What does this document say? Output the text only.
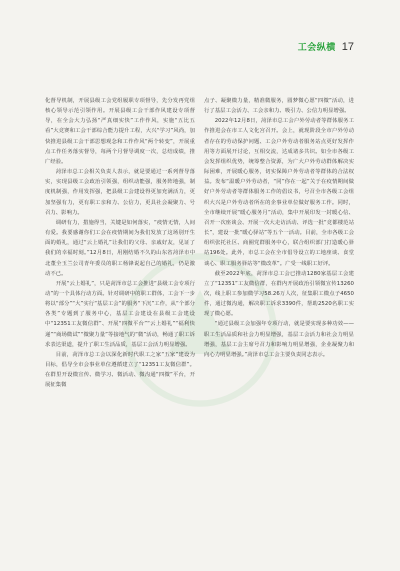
工会纵横 17

化督导机制，开展县级工会党组履职专项督导，先分发再党组核心领导示范引领作用。开展县级工会干部作风建设专项督导，在全会大力弘扬“严真细实快”工作作风，实施“五比五看”大竞赛和工会干部综合能力提升工程，大兴“学习”风尚，加快推进县级工会干部思想观念和工作作风“两个转变”，开展重点工作任务落实督导，每两个月督导调度一次，总结成绩，推广经验。

菏泽市总工会相关负责人表示，就是要通过一系列督导落实，实现县级工会政治引领强，组织动能强，服务阵地强，制度机制强，作用发挥强，把县级工会建设得更加充满活力，更加坚强有力，更有职工亲和力、公信力，更具社会凝聚力、号召力、影响力。

调研有力，措施得当，关键是如何落实，“疫情无情，人间有爱。我要感谢你们工会在疫情期间为我们发放了这场别开生面的婚礼，通过“云上婚礼”让我们的父母、亲戚好友，见证了我们的幸福时刻。”12月8日，用刚结婚不久的山东省菏泽市中北董全玉兰公司青年委员的职工杨锋说起自己的婚礼，仍是激动不已。

开展“云上婚礼”，只是菏泽市总工会推进“县级工会专项行动”的一个具体行动方面。针对调研中的职工群体，工会下一步将以“部分”“大”实行“基层工会”的服务“下沉”工作，从“个部分各类”专题到了服务中心，基层工会建设在县级工会建设中“12351工友微信群”、开展“四微平台”“云上婚礼”“福利快递”“商场微试”“微聚力量”等接地气的“微”活动，畅通了职工诉求表达渠道，提升了职工生活品质，基层工会活力明显增强。

目前，菏泽市总工会以深化新时代职工之家“五家”建设为目标，倡导全市会事业单位遵循建立了“12351工友微信群”。在群里开设微宣传、微学习、微活动、微沟通“四微”平台，开展征集微

点子、凝聚微力量，精准微服务，圆梦微心愿“四微”活动，进行了基层工会活力、工会亲和力、吸引力、公信力明显增强。

2022年12月8日，菏泽市总工会户外劳动者等群体服务工作推进会在市工人文化宫召开。会上，就现阶段全市户外劳动者存在的劳动保护问题、工会户外劳动者服务站点更好发挥作用等方面展开讨论，互相交流，达成诸多共识。如全市各级工会发挥组织优势，统筹整合资源，为广大户外劳动群体解决实际困难，开展暖心服务，切实保障户外劳动者等群体的合法权益。发布“温暖户外劳动者，“同”你在一起”关于在疫情期间做好户外劳动者等群体服务工作的倡议书，号召全市各级工会组织大兴是户外劳动者所在的企事业单位做好服务工作。同时，全市继续开展“暖心服务月”活动，集中开展印发一封暖心信、召开一次座谈会、开展一次大走访活动、评选一批“竞都楼范站长”，建设一批“暖心驿站”等五个一活动。目前，全市各级工会组织张托社区、商圈党群服务中心，联合组织部门打造暖心驿站196处。此外，市总工会在全市倡导设立的工地座谈、食堂谈心、职工服务驿站等“微改革”。广受一线职工好评。

截至2022年底，菏泽市总工会已推动1280家基层工会建立了“12351”工友微信群，在群内开展政治引领微宣传13260次，线上职工参加微学习58.26万人次，征集职工微点子4650件，通过微沟通，解决职工诉求3390件，帮助2520名职工实现了微心愿。

“通过县级工会加强年专项行动，就是要实现多种功效——职工生活品质和社会力明显增强，基层工会活力和社会力明显增强，基层工会主席号召力和影响力明显增强，企业凝聚力和向心力明显增强。”菏泽市总工会主要负责同志表示。
